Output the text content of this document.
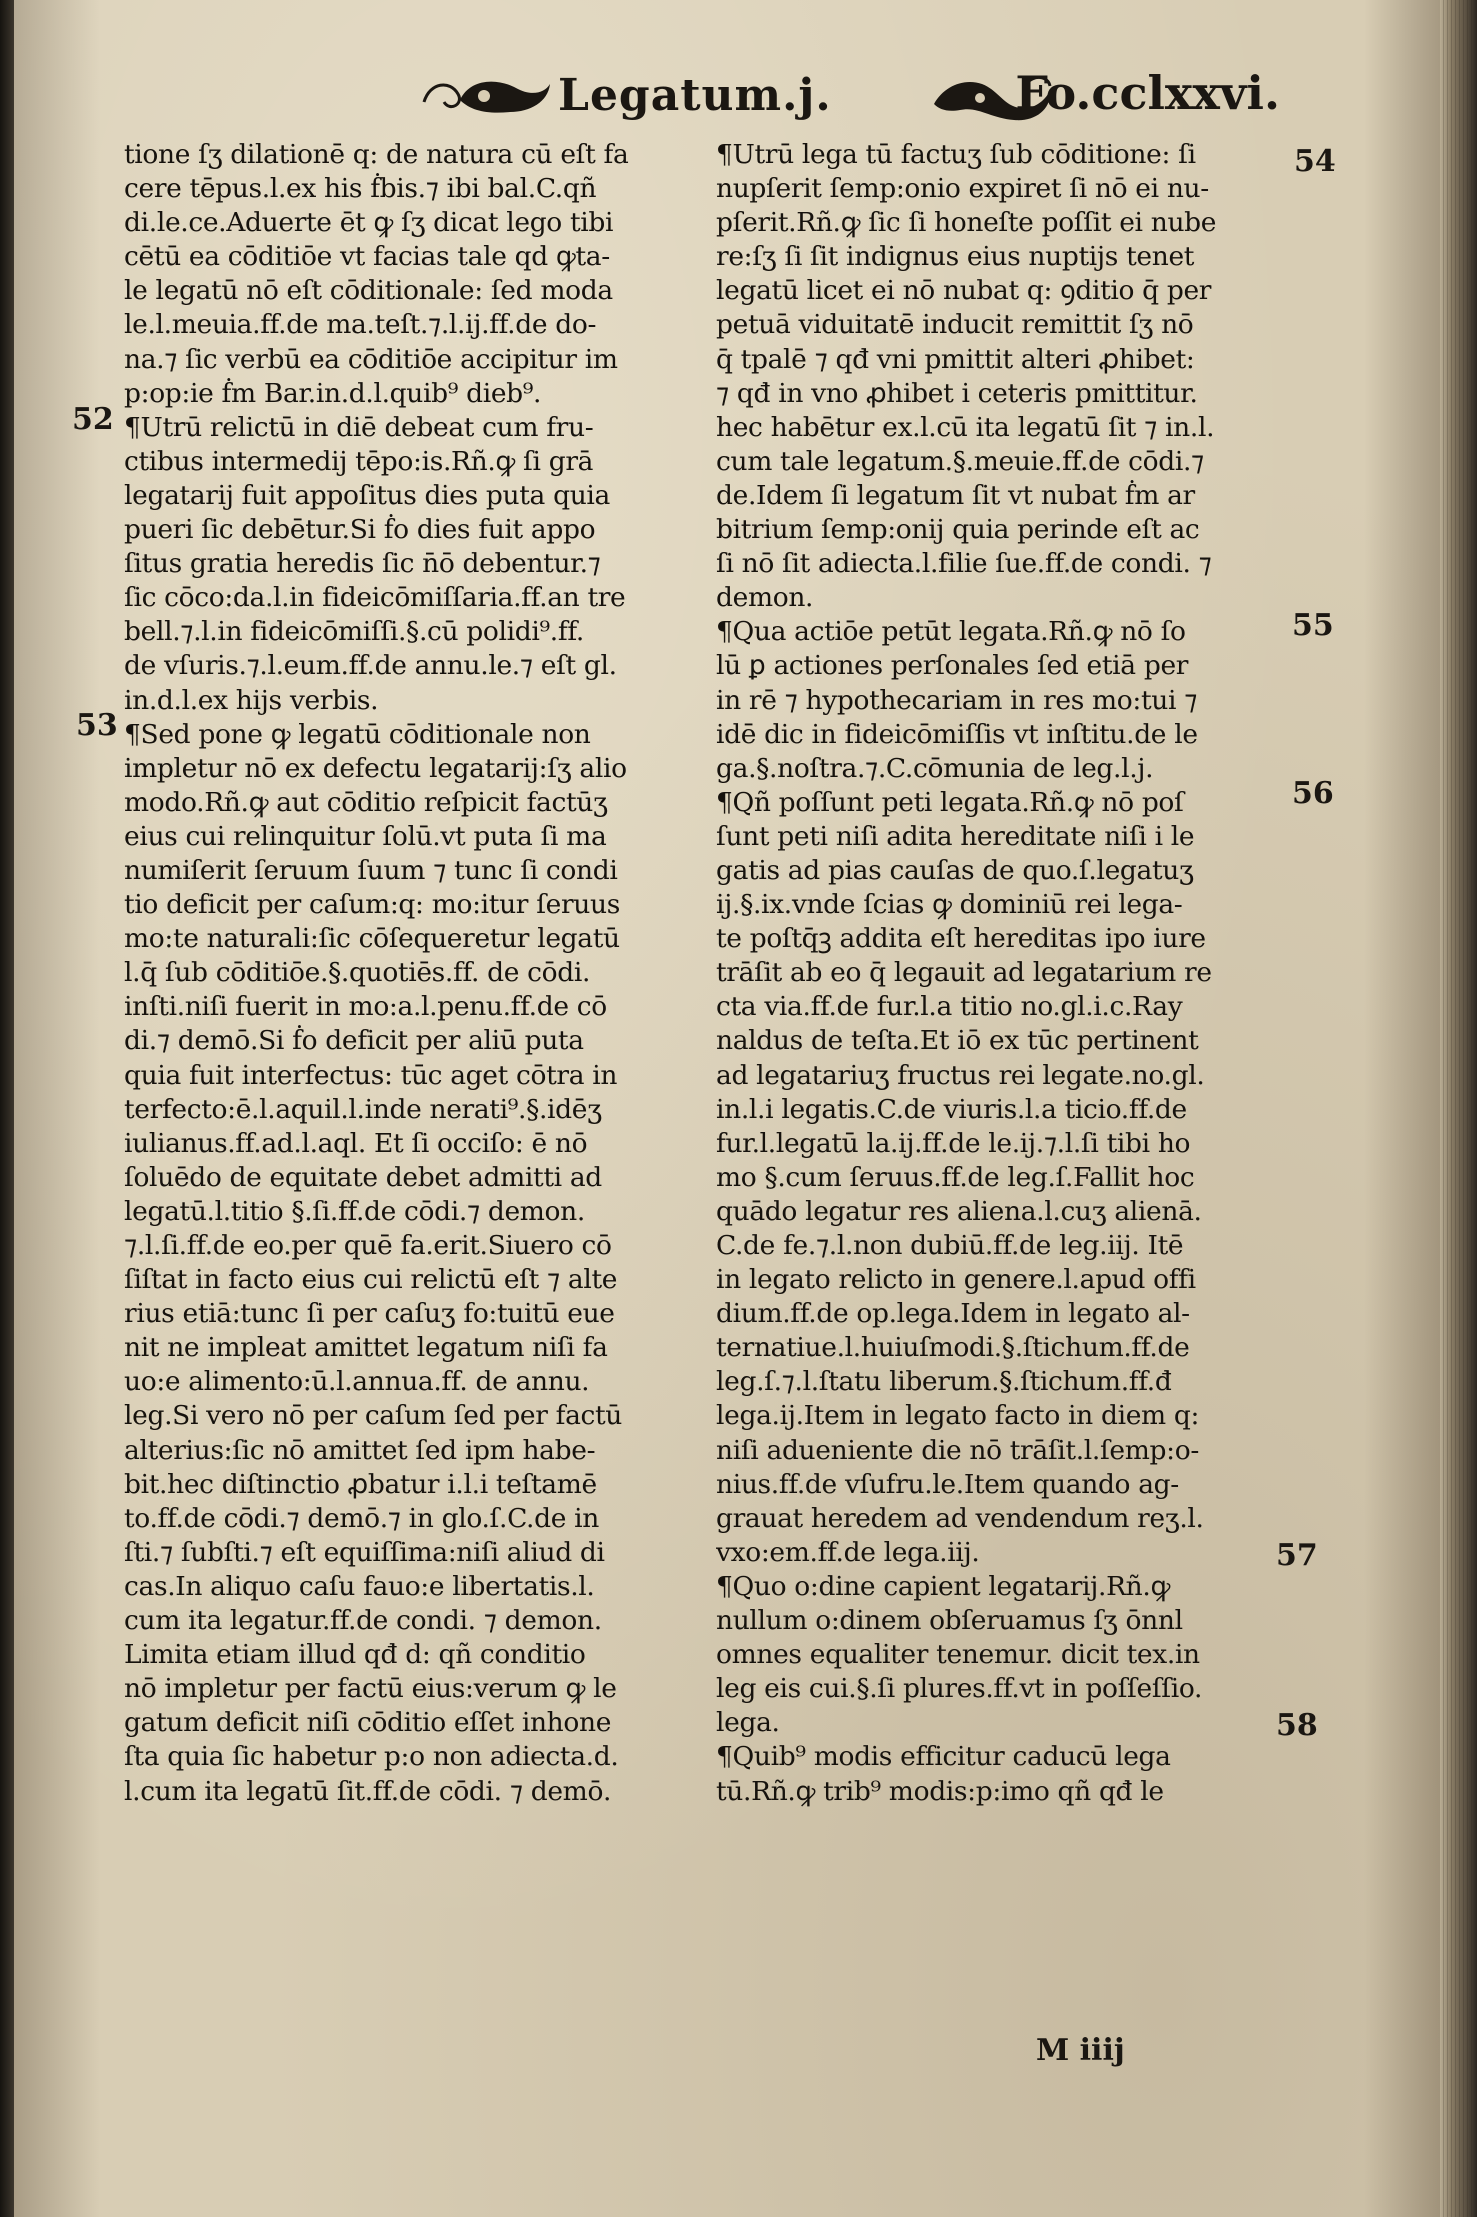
Legatum.j.	Fo.cclxxvi.
52
53
54
55
56
57
58
tione ſʒ dilationē q: de natura cū eſt fa
cere tēpus.l.ex his ḟbis.⁊ ibi bal.C.qñ
di.le.ce.Aduerte ēt ꝙ ſʒ dicat lego tibi
cētū ea cōditiōe vt facias tale qd ꝙta-
le legatū nō eſt cōditionale: ſed moda
le.l.meuia.ff.de ma.teſt.⁊.l.ij.ff.de do-
na.⁊ ſic verbū ea cōditiōe accipitur im
p:op:ie ḟm Bar.in.d.l.quib⁹ dieb⁹.
¶Utrū relictū in diē debeat cum fru-
ctibus intermedij tēpo:is.Rñ.ꝙ ſi grā
legatarij fuit appoſitus dies puta quia
pueri ſic debētur.Si ḟo dies fuit appo
ſitus gratia heredis ſic n̄ō debentur.⁊
ſic cōco:da.l.in fideicōmiſſaria.ff.an tre
bell.⁊.l.in fideicōmiſſi.§.cū polidi⁹.ff.
de vſuris.⁊.l.eum.ff.de annu.le.⁊ eſt gl.
in.d.l.ex hijs verbis.
¶Sed pone ꝙ legatū cōditionale non
impletur nō ex defectu legatarij:ſʒ alio
modo.Rñ.ꝙ aut cōditio reſpicit factūʒ
eius cui relinquitur ſolū.vt puta ſi ma
numiſerit ſeruum ſuum ⁊ tunc ſi condi
tio deficit per caſum:q: mo:itur ſeruus
mo:te naturali:ſic cōſequeretur legatū
l.q̄ ſub cōditiōe.§.quotiēs.ff. de cōdi.
inſti.niſi fuerit in mo:a.l.penu.ff.de cō
di.⁊ demō.Si ḟo deficit per aliū puta
quia fuit interfectus: tūc aget cōtra in
terfecto:ē.l.aquil.l.inde nerati⁹.§.idēʒ
iulianus.ff.ad.l.aql. Et ſi occiſo: ē nō
ſoluēdo de equitate debet admitti ad
legatū.l.titio §.ſi.ff.de cōdi.⁊ demon.
⁊.l.ſi.ff.de eo.per quē fa.erit.Siuero cō
ſiſtat in facto eius cui relictū eſt ⁊ alte
rius etiā:tunc ſi per caſuʒ fo:tuitū eue
nit ne impleat amittet legatum niſi fa
uo:e alimento:ū.l.annua.ff. de annu.
leg.Si vero nō per caſum ſed per factū
alterius:ſic nō amittet ſed ipm habe-
bit.hec diſtinctio ꝓbatur i.l.i teſtamē
to.ff.de cōdi.⁊ demō.⁊ in glo.ſ.C.de in
ſti.⁊ ſubſti.⁊ eſt equiſſima:niſi aliud di
cas.In aliquo caſu fauo:e libertatis.l.
cum ita legatur.ff.de condi. ⁊ demon.
Limita etiam illud qđ d: qñ conditio
nō impletur per factū eius:verum ꝙ le
gatum deficit niſi cōditio eſſet inhone
ſta quia ſic habetur p:o non adiecta.d.
l.cum ita legatū ſit.ff.de cōdi. ⁊ demō.
¶Utrū lega tū factuʒ ſub cōditione: ſi
nupſerit ſemp:onio expiret ſi nō ei nu-
pſerit.Rñ.ꝙ ſic ſi honeſte poſſit ei nube
re:ſʒ ſi ſit indignus eius nuptijs tenet
legatū licet ei nō nubat q: ꝯditio q̄ per
petuā viduitatē inducit remittit ſʒ nō
q̄ tpalē ⁊ qđ vni pmittit alteri ꝓhibet:
⁊ qđ in vno ꝓhibet i ceteris pmittitur.
hec habētur ex.l.cū ita legatū ſit ⁊ in.l.
cum tale legatum.§.meuie.ff.de cōdi.⁊
de.Idem ſi legatum ſit vt nubat ḟm ar
bitrium ſemp:onij quia perinde eſt ac
ſi nō ſit adiecta.l.filie ſue.ff.de condi. ⁊
demon.
¶Qua actiōe petūt legata.Rñ.ꝙ nō ſo
lū ꝑ actiones perſonales ſed etiā per
in rē ⁊ hypothecariam in res mo:tui ⁊
idē dic in fideicōmiſſis vt inſtitu.de le
ga.§.noſtra.⁊.C.cōmunia de leg.l.j.
¶Qñ poſſunt peti legata.Rñ.ꝙ nō poſ
ſunt peti niſi adita hereditate niſi i le
gatis ad pias cauſas de quo.ſ.legatuʒ
ij.§.ix.vnde ſcias ꝙ dominiū rei lega-
te poſtq̄ꝫ addita eſt hereditas ipo iure
trāſit ab eo q̄ legauit ad legatarium re
cta via.ff.de fur.l.a titio no.gl.i.c.Ray
naldus de teſta.Et iō ex tūc pertinent
ad legatariuʒ fructus rei legate.no.gl.
in.l.i legatis.C.de viuris.l.a ticio.ff.de
fur.l.legatū la.ij.ff.de le.ij.⁊.l.ſi tibi ho
mo §.cum ſeruus.ff.de leg.ſ.Fallit hoc
quādo legatur res aliena.l.cuʒ alienā.
C.de fe.⁊.l.non dubiū.ff.de leg.iij. Itē
in legato relicto in genere.l.apud offi
dium.ff.de op.lega.Idem in legato al-
ternatiue.l.huiuſmodi.§.ſtichum.ff.de
leg.ſ.⁊.l.ſtatu liberum.§.ſtichum.ff.đ
lega.ij.Item in legato facto in diem q:
niſi adueniente die nō trāſit.l.ſemp:o-
nius.ff.de vſufru.le.Item quando ag-
grauat heredem ad vendendum reʒ.l.
vxo:em.ff.de lega.iij.
¶Quo o:dine capient legatarij.Rñ.ꝙ
nullum o:dinem obſeruamus ſʒ ōnnl
omnes equaliter tenemur. dicit tex.in
leg eis cui.§.ſi plures.ff.vt in poſſeſſio.
lega.
¶Quib⁹ modis efficitur caducū lega
tū.Rñ.ꝙ trib⁹ modis:p:imo qñ qđ le
M iiij
